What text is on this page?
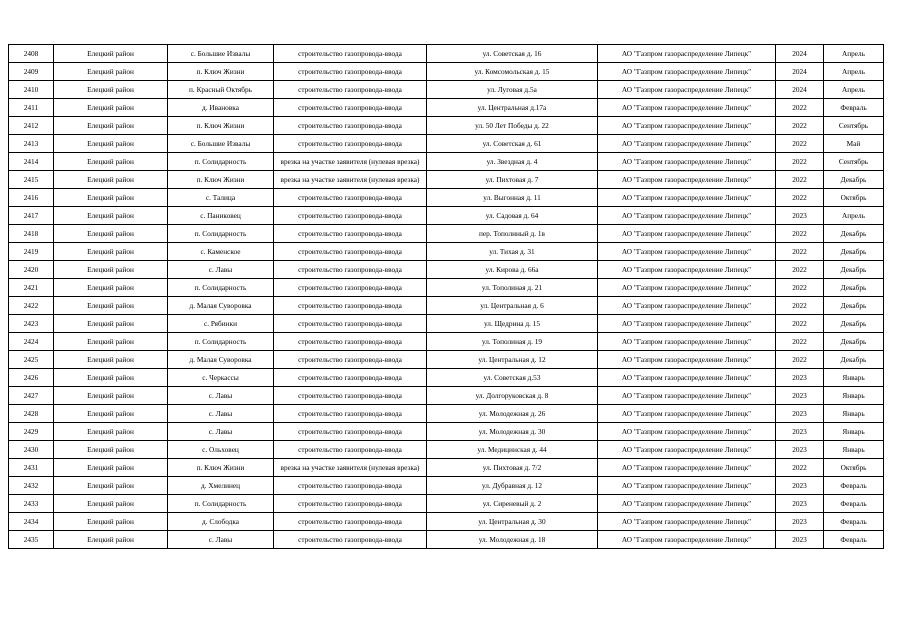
2408	Елецкий район	с. Большие Извалы	строительство газопровода-ввода	ул. Советская д. 16	АО "Газпром газораспределение Липецк"	2024	Апрель
2409	Елецкий район	п. Ключ Жизни	строительство газопровода-ввода	ул. Комсомольская д. 15	АО "Газпром газораспределение Липецк"	2024	Апрель
2410	Елецкий район	п. Красный Октябрь	строительство газопровода-ввода	ул. Луговая д.5а	АО "Газпром газораспределение Липецк"	2024	Апрель
2411	Елецкий район	д. Ивановка	строительство газопровода-ввода	ул. Центральная д.17а	АО "Газпром газораспределение Липецк"	2022	Февраль
2412	Елецкий район	п. Ключ Жизни	строительство газопровода-ввода	ул. 50 Лет Победы д. 22	АО "Газпром газораспределение Липецк"	2022	Сентябрь
2413	Елецкий район	с. Большие Извалы	строительство газопровода-ввода	ул. Советская д. 61	АО "Газпром газораспределение Липецк"	2022	Май
2414	Елецкий район	п. Солидарность	врезка на участке заявителя (нулевая врезка)	ул. Звездная д. 4	АО "Газпром газораспределение Липецк"	2022	Сентябрь
2415	Елецкий район	п. Ключ Жизни	врезка на участке заявителя (нулевая врезка)	ул. Пихтовая д. 7	АО "Газпром газораспределение Липецк"	2022	Декабрь
2416	Елецкий район	с. Талица	строительство газопровода-ввода	ул. Выгонная д. 11	АО "Газпром газораспределение Липецк"	2022	Октябрь
2417	Елецкий район	с. Паниковец	строительство газопровода-ввода	ул. Садовая д. 64	АО "Газпром газораспределение Липецк"	2023	Апрель
2418	Елецкий район	п. Солидарность	строительство газопровода-ввода	пер. Тополиный д. 1в	АО "Газпром газораспределение Липецк"	2022	Декабрь
2419	Елецкий район	с. Каменское	строительство газопровода-ввода	ул. Тихая д. 31	АО "Газпром газораспределение Липецк"	2022	Декабрь
2420	Елецкий район	с. Лавы	строительство газопровода-ввода	ул. Кирова д. 66а	АО "Газпром газораспределение Липецк"	2022	Декабрь
2421	Елецкий район	п. Солидарность	строительство газопровода-ввода	ул. Тополиная д. 21	АО "Газпром газораспределение Липецк"	2022	Декабрь
2422	Елецкий район	д. Малая Суворовка	строительство газопровода-ввода	ул. Центральная д. 6	АО "Газпром газораспределение Липецк"	2022	Декабрь
2423	Елецкий район	с. Рябинки	строительство газопровода-ввода	ул. Щедрина д. 15	АО "Газпром газораспределение Липецк"	2022	Декабрь
2424	Елецкий район	п. Солидарность	строительство газопровода-ввода	ул. Тополиная д. 19	АО "Газпром газораспределение Липецк"	2022	Декабрь
2425	Елецкий район	д. Малая Суворовка	строительство газопровода-ввода	ул. Центральная д. 12	АО "Газпром газораспределение Липецк"	2022	Декабрь
2426	Елецкий район	с. Черкассы	строительство газопровода-ввода	ул. Советская д.53	АО "Газпром газораспределение Липецк"	2023	Январь
2427	Елецкий район	с. Лавы	строительство газопровода-ввода	ул. Долгоруковская д. 8	АО "Газпром газораспределение Липецк"	2023	Январь
2428	Елецкий район	с. Лавы	строительство газопровода-ввода	ул. Молодежная д. 26	АО "Газпром газораспределение Липецк"	2023	Январь
2429	Елецкий район	с. Лавы	строительство газопровода-ввода	ул. Молодежная д. 30	АО "Газпром газораспределение Липецк"	2023	Январь
2430	Елецкий район	с. Ольховец	строительство газопровода-ввода	ул. Медицинская д. 44	АО "Газпром газораспределение Липецк"	2023	Январь
2431	Елецкий район	п. Ключ Жизни	врезка на участке заявителя (нулевая врезка)	ул. Пихтовая д. 7/2	АО "Газпром газораспределение Липецк"	2022	Октябрь
2432	Елецкий район	д. Хмелинец	строительство газопровода-ввода	ул. Дубравная д. 12	АО "Газпром газораспределение Липецк"	2023	Февраль
2433	Елецкий район	п. Солидарность	строительство газопровода-ввода	ул. Сиреневый д. 2	АО "Газпром газораспределение Липецк"	2023	Февраль
2434	Елецкий район	д. Слободка	строительство газопровода-ввода	ул. Центральная д. 30	АО "Газпром газораспределение Липецк"	2023	Февраль
2435	Елецкий район	с. Лавы	строительство газопровода-ввода	ул. Молодежная д. 18	АО "Газпром газораспределение Липецк"	2023	Февраль
